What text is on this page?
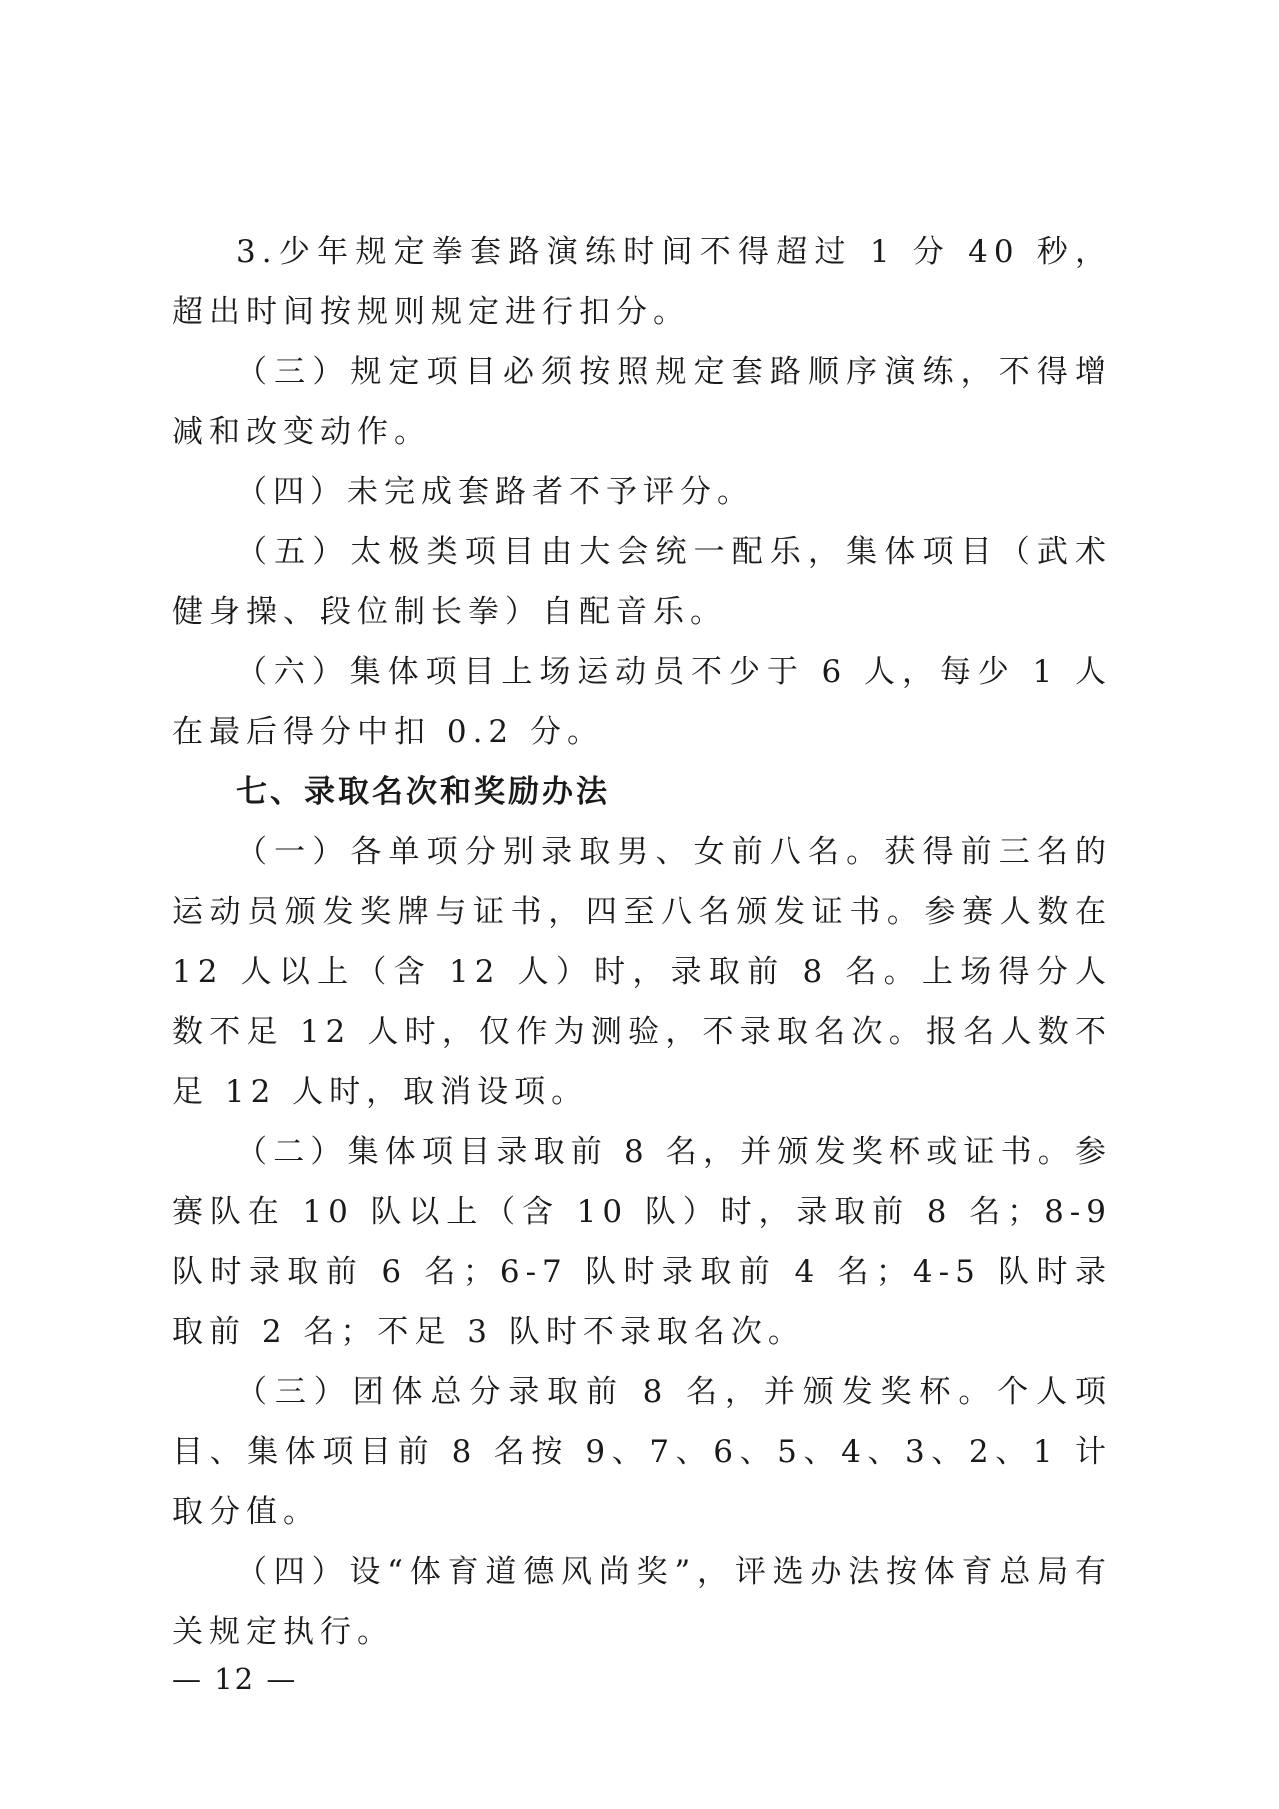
3.少年规定拳套路演练时间不得超过 1 分 40 秒，超出时间按规则规定进行扣分。

（三）规定项目必须按照规定套路顺序演练，不得增减和改变动作。

（四）未完成套路者不予评分。

（五）太极类项目由大会统一配乐，集体项目（武术健身操、段位制长拳）自配音乐。

（六）集体项目上场运动员不少于 6 人，每少 1 人在最后得分中扣 0.2 分。

七、录取名次和奖励办法

（一）各单项分别录取男、女前八名。获得前三名的运动员颁发奖牌与证书，四至八名颁发证书。参赛人数在 12 人以上（含 12 人）时，录取前 8 名。上场得分人数不足 12 人时，仅作为测验，不录取名次。报名人数不足 12 人时，取消设项。

（二）集体项目录取前 8 名，并颁发奖杯或证书。参赛队在 10 队以上（含 10 队）时，录取前 8 名；8-9 队时录取前 6 名；6-7 队时录取前 4 名；4-5 队时录取前 2 名；不足 3 队时不录取名次。

（三）团体总分录取前 8 名，并颁发奖杯。个人项目、集体项目前 8 名按 9、7、6、5、4、3、2、1 计取分值。

（四）设“体育道德风尚奖”，评选办法按体育总局有关规定执行。

— 12 —
